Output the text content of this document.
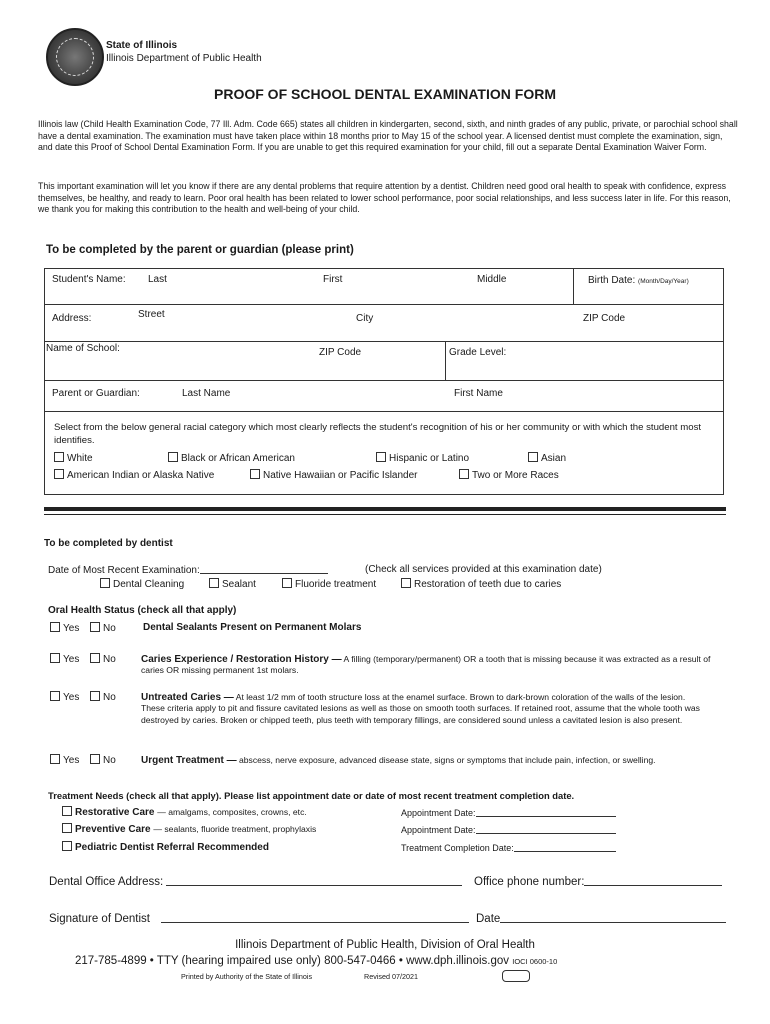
State of Illinois
Illinois Department of Public Health
PROOF OF SCHOOL DENTAL EXAMINATION FORM
Illinois law (Child Health Examination Code, 77 Ill. Adm. Code 665) states all children in kindergarten, second, sixth, and ninth grades of any public, private, or parochial school shall have a dental examination. The examination must have taken place within 18 months prior to May 15 of the school year. A licensed dentist must complete the examination, sign, and date this Proof of School Dental Examination Form. If you are unable to get this required examination for your child, fill out a separate Dental Examination Waiver Form.
This important examination will let you know if there are any dental problems that require attention by a dentist. Children need good oral health to speak with confidence, express themselves, be healthy, and ready to learn. Poor oral health has been related to lower school performance, poor social relationships, and less success later in life. For this reason, we thank you for making this contribution to the health and well-being of your child.
To be completed by the parent or guardian (please print)
Student's Name: Last	First	Middle	Birth Date: (Month/Day/Year)
Address:	Street	City	ZIP Code
Name of School:	ZIP Code	Grade Level:
Parent or Guardian:	Last Name	First Name
Select from the below general racial category which most clearly reflects the student's recognition of his or her community or with which the student most identifies.
White	Black or African American	Hispanic or Latino	Asian
American Indian or Alaska Native	Native Hawaiian or Pacific Islander	Two or More Races
To be completed by dentist
Date of Most Recent Examination:	(Check all services provided at this examination date)
Dental Cleaning	Sealant	Fluoride treatment	Restoration of teeth due to caries
Oral Health Status (check all that apply)
Yes	No	Dental Sealants Present on Permanent Molars
Yes	No	Caries Experience / Restoration History — A filling (temporary/permanent) OR a tooth that is missing because it was extracted as a result of caries OR missing permanent 1st molars.
Yes	No	Untreated Caries — At least 1/2 mm of tooth structure loss at the enamel surface. Brown to dark-brown coloration of the walls of the lesion. These criteria apply to pit and fissure cavitated lesions as well as those on smooth tooth surfaces. If retained root, assume that the whole tooth was destroyed by caries. Broken or chipped teeth, plus teeth with temporary fillings, are considered sound unless a cavitated lesion is also present.
Yes	No	Urgent Treatment — abscess, nerve exposure, advanced disease state, signs or symptoms that include pain, infection, or swelling.
Treatment Needs (check all that apply). Please list appointment date or date of most recent treatment completion date.
Restorative Care — amalgams, composites, crowns, etc.	Appointment Date:
Preventive Care — sealants, fluoride treatment, prophylaxis	Appointment Date:
Pediatric Dentist Referral Recommended	Treatment Completion Date:
Dental Office Address:	Office phone number:
Signature of Dentist	Date
Illinois Department of Public Health, Division of Oral Health
217-785-4899 • TTY (hearing impaired use only) 800-547-0466 • www.dph.illinois.gov IOCI 0600-10
Printed by Authority of the State of Illinois	Revised 07/2021
